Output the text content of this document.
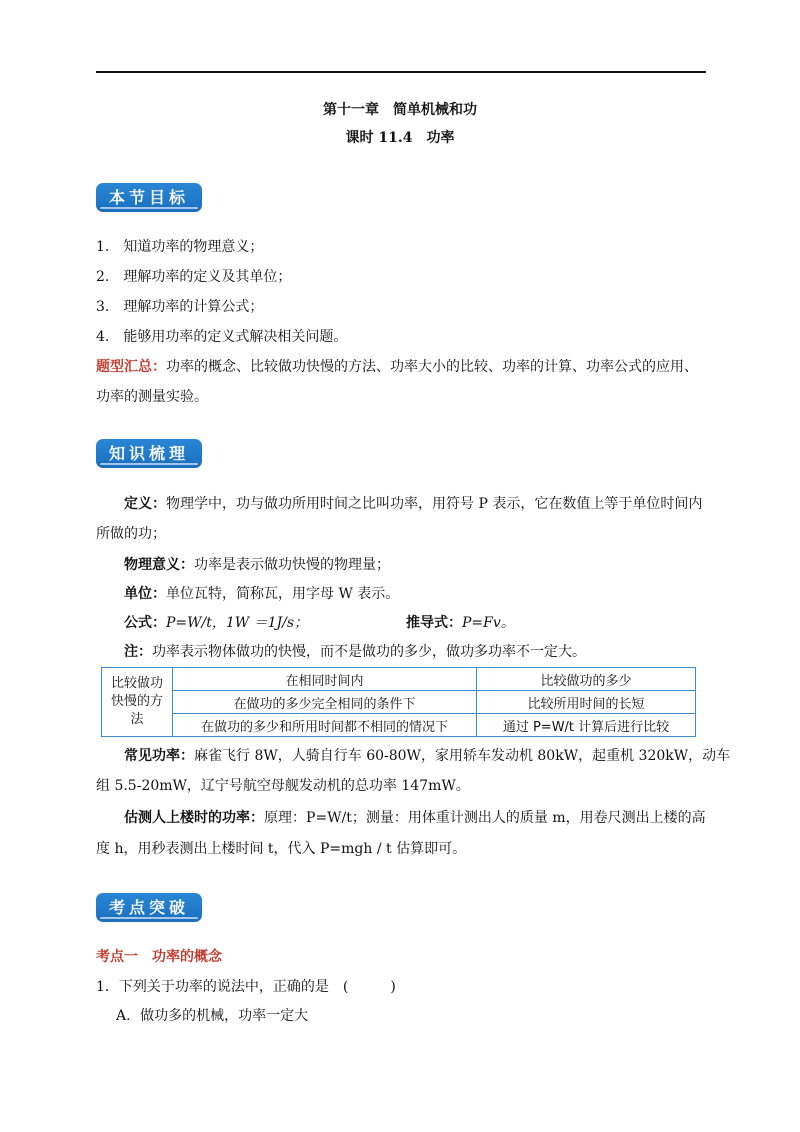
第十一章　简单机械和功
课时 11.4　功率
本节目标
1.　知道功率的物理意义；
2.　理解功率的定义及其单位；
3.　理解功率的计算公式；
4.　能够用功率的定义式解决相关问题。
题型汇总：功率的概念、比较做功快慢的方法、功率大小的比较、功率的计算、功率公式的应用、
功率的测量实验。
知识梳理
定义：物理学中，功与做功所用时间之比叫功率，用符号 P 表示，它在数值上等于单位时间内
所做的功；
物理意义：功率是表示做功快慢的物理量；
单位：单位瓦特，简称瓦，用字母 W 表示。
公式：P=W/t，1W ＝1J/s；	推导式：P=Fv。
注：功率表示物体做功的快慢，而不是做功的多少，做功多功率不一定大。
比较做功快慢的方法	在相同时间内	比较做功的多少
	在做功的多少完全相同的条件下	比较所用时间的长短
	在做功的多少和所用时间都不相同的情况下	通过 P=W/t 计算后进行比较
常见功率：麻雀飞行 8W，人骑自行车 60-80W，家用轿车发动机 80kW，起重机 320kW，动车
组 5.5-20mW，辽宁号航空母舰发动机的总功率 147mW。
估测人上楼时的功率：原理：P=W/t；测量：用体重计测出人的质量 m，用卷尺测出上楼的高
度 h，用秒表测出上楼时间 t，代入 P=mgh / t 估算即可。
考点突破
考点一　功率的概念
1．下列关于功率的说法中，正确的是　(　　　)
A．做功多的机械，功率一定大
